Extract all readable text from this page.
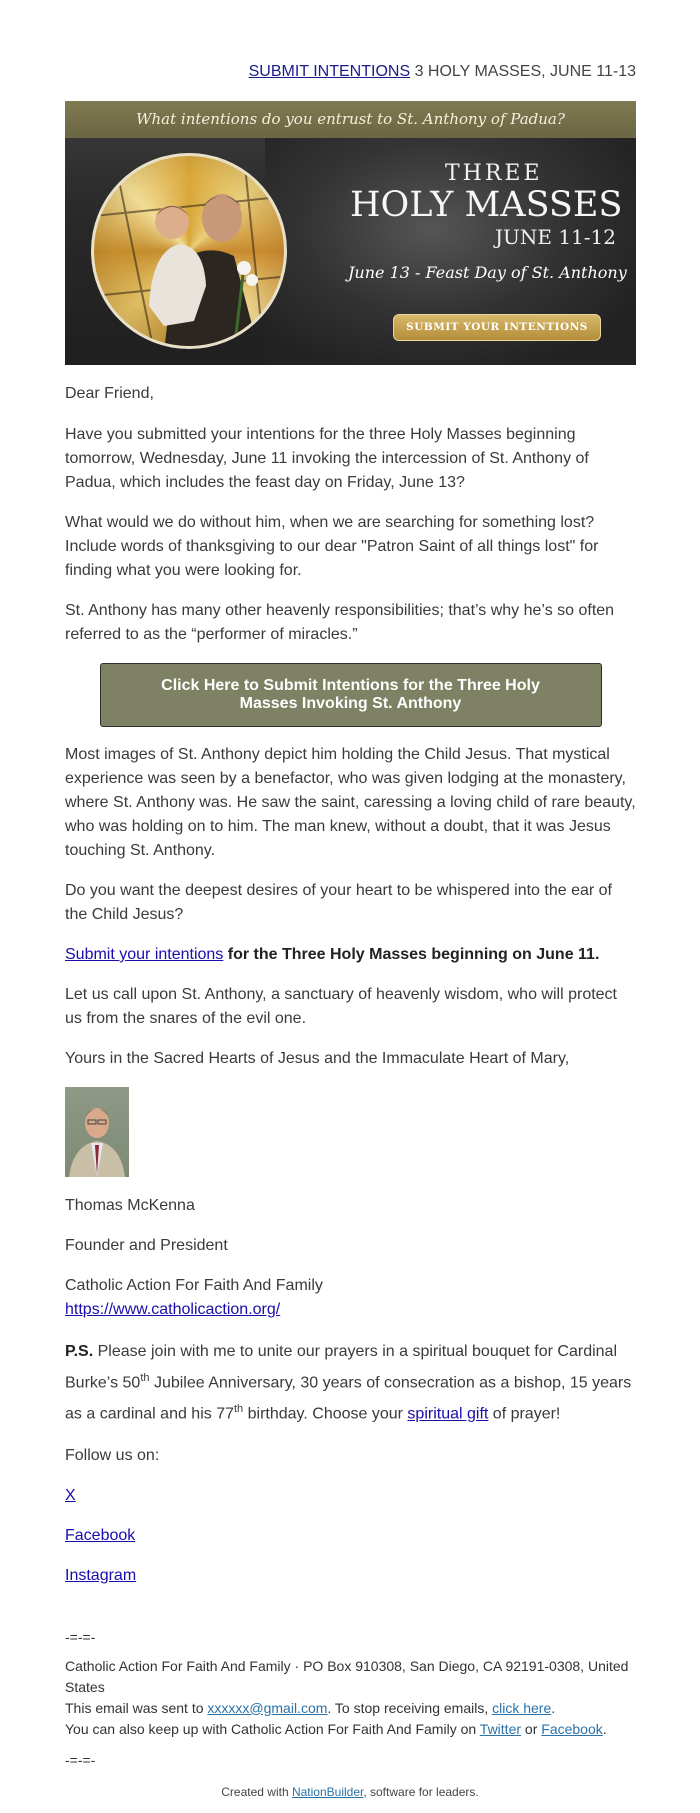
SUBMIT INTENTIONS 3 HOLY MASSES, JUNE 11-13
What intentions do you entrust to St. Anthony of Padua?
THREE
HOLY MASSES
JUNE 11-12
June 13 - Feast Day of St. Anthony
SUBMIT YOUR INTENTIONS

Dear Friend,

Have you submitted your intentions for the three Holy Masses beginning tomorrow, Wednesday, June 11 invoking the intercession of St. Anthony of Padua, which includes the feast day on Friday, June 13?

What would we do without him, when we are searching for something lost? Include words of thanksgiving to our dear "Patron Saint of all things lost" for finding what you were looking for.

St. Anthony has many other heavenly responsibilities; that’s why he’s so often referred to as the “performer of miracles.”

Click Here to Submit Intentions for the Three Holy Masses Invoking St. Anthony

Most images of St. Anthony depict him holding the Child Jesus. That mystical experience was seen by a benefactor, who was given lodging at the monastery, where St. Anthony was. He saw the saint, caressing a loving child of rare beauty, who was holding on to him. The man knew, without a doubt, that it was Jesus touching St. Anthony.

Do you want the deepest desires of your heart to be whispered into the ear of the Child Jesus?

Submit your intentions for the Three Holy Masses beginning on June 11.

Let us call upon St. Anthony, a sanctuary of heavenly wisdom, who will protect us from the snares of the evil one.

Yours in the Sacred Hearts of Jesus and the Immaculate Heart of Mary,

Thomas McKenna

Founder and President

Catholic Action For Faith And Family

https://www.catholicaction.org/

P.S. Please join with me to unite our prayers in a spiritual bouquet for Cardinal Burke’s 50th Jubilee Anniversary, 30 years of consecration as a bishop, 15 years as a cardinal and his 77th birthday. Choose your spiritual gift of prayer!

Follow us on:

X

Facebook

Instagram

-=-=-
Catholic Action For Faith And Family · PO Box 910308, San Diego, CA 92191-0308, United States
This email was sent to xxxxxx@gmail.com. To stop receiving emails, click here.
You can also keep up with Catholic Action For Faith And Family on Twitter or Facebook.
-=-=-
Created with NationBuilder, software for leaders.
